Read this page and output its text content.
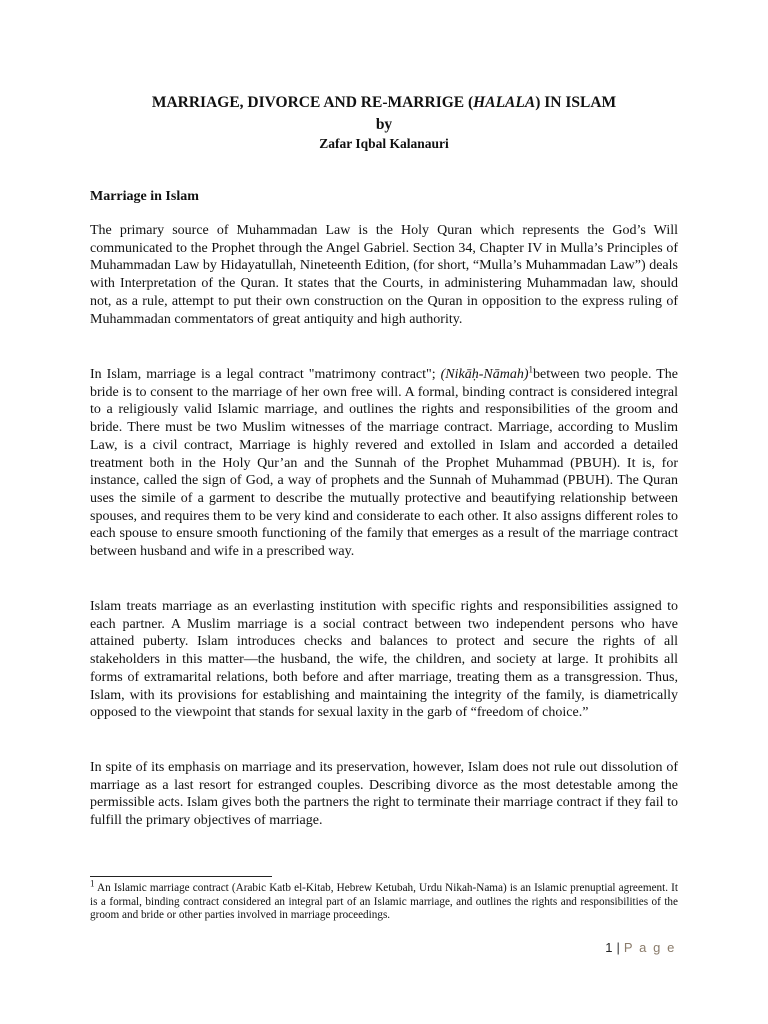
MARRIAGE, DIVORCE AND RE-MARRIGE (HALALA) IN ISLAM
by
Zafar Iqbal Kalanauri
Marriage in Islam

The primary source of Muhammadan Law is the Holy Quran which represents the God’s Will communicated to the Prophet through the Angel Gabriel. Section 34, Chapter IV in Mulla’s Principles of Muhammadan Law by Hidayatullah, Nineteenth Edition, (for short, “Mulla’s Muhammadan Law”) deals with Interpretation of the Quran. It states that the Courts, in administering Muhammadan law, should not, as a rule, attempt to put their own construction on the Quran in opposition to the express ruling of Muhammadan commentators of great antiquity and high authority.

In Islam, marriage is a legal contract "matrimony contract"; (Nikāḥ-Nāmah)$^1$between two people. The bride is to consent to the marriage of her own free will. A formal, binding contract is considered integral to a religiously valid Islamic marriage, and outlines the rights and responsibilities of the groom and bride. There must be two Muslim witnesses of the marriage contract. Marriage, according to Muslim Law, is a civil contract, Marriage is highly revered and extolled in Islam and accorded a detailed treatment both in the Holy Qur’an and the Sunnah of the Prophet Muhammad (PBUH). It is, for instance, called the sign of God, a way of prophets and the Sunnah of Muhammad (PBUH). The Quran uses the simile of a garment to describe the mutually protective and beautifying relationship between spouses, and requires them to be very kind and considerate to each other. It also assigns different roles to each spouse to ensure smooth functioning of the family that emerges as a result of the marriage contract between husband and wife in a prescribed way.

Islam treats marriage as an everlasting institution with specific rights and responsibilities assigned to each partner. A Muslim marriage is a social contract between two independent persons who have attained puberty. Islam introduces checks and balances to protect and secure the rights of all stakeholders in this matter—the husband, the wife, the children, and society at large. It prohibits all forms of extramarital relations, both before and after marriage, treating them as a transgression. Thus, Islam, with its provisions for establishing and maintaining the integrity of the family, is diametrically opposed to the viewpoint that stands for sexual laxity in the garb of “freedom of choice.”

In spite of its emphasis on marriage and its preservation, however, Islam does not rule out dissolution of marriage as a last resort for estranged couples. Describing divorce as the most detestable among the permissible acts. Islam gives both the partners the right to terminate their marriage contract if they fail to fulfill the primary objectives of marriage.

$^1$ An Islamic marriage contract (Arabic Katb el-Kitab, Hebrew Ketubah, Urdu Nikah-Nama) is an Islamic prenuptial agreement. It is a formal, binding contract considered an integral part of an Islamic marriage, and outlines the rights and responsibilities of the groom and bride or other parties involved in marriage proceedings.

1 | P a g e
